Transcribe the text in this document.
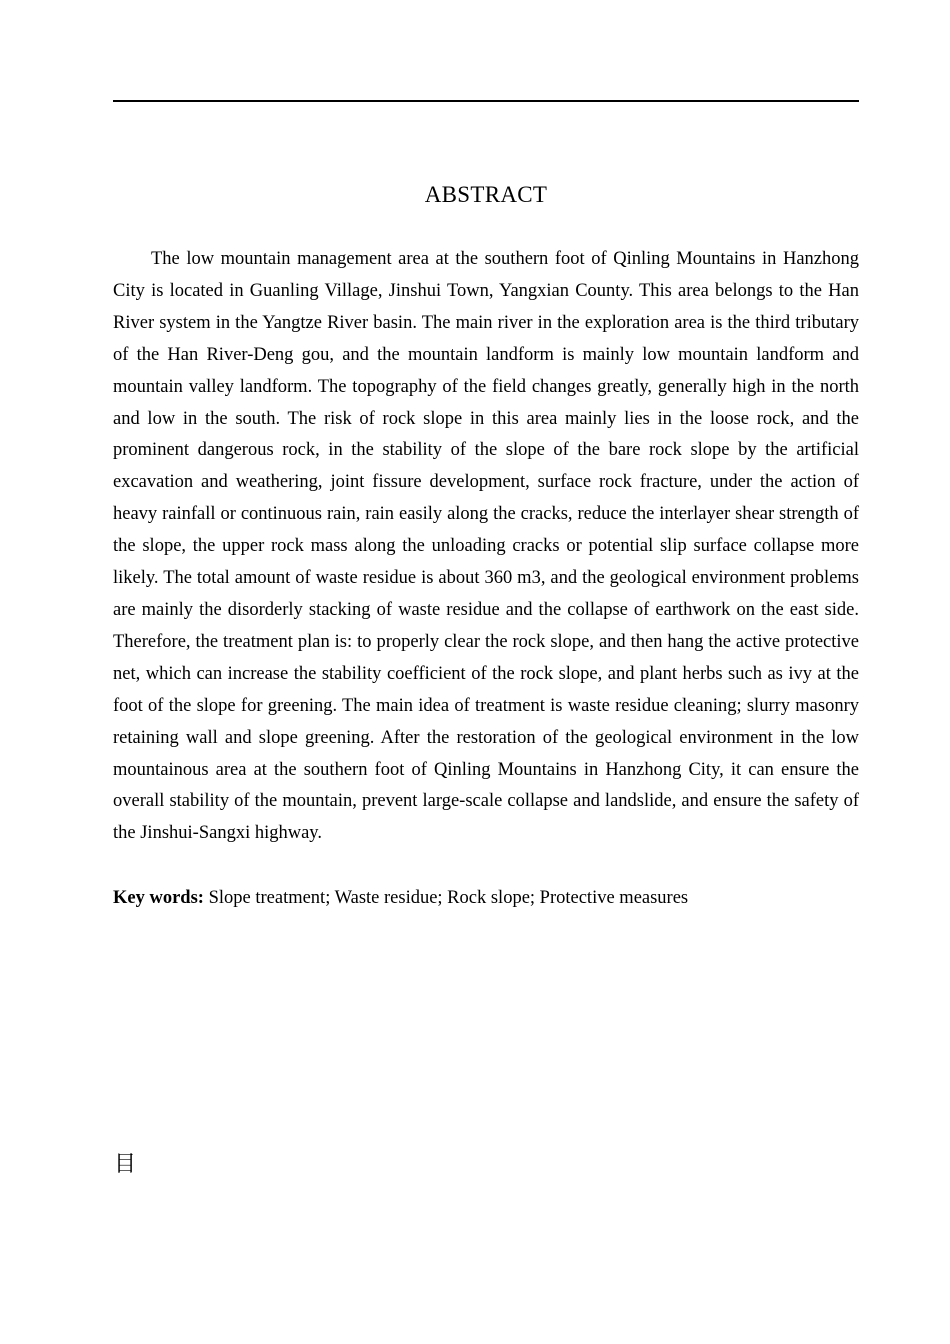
ABSTRACT

The low mountain management area at the southern foot of Qinling Mountains in Hanzhong City is located in Guanling Village, Jinshui Town, Yangxian County. This area belongs to the Han River system in the Yangtze River basin. The main river in the exploration area is the third tributary of the Han River-Deng gou, and the mountain landform is mainly low mountain landform and mountain valley landform. The topography of the field changes greatly, generally high in the north and low in the south. The risk of rock slope in this area mainly lies in the loose rock, and the prominent dangerous rock, in the stability of the slope of the bare rock slope by the artificial excavation and weathering, joint fissure development, surface rock fracture, under the action of heavy rainfall or continuous rain, rain easily along the cracks, reduce the interlayer shear strength of the slope, the upper rock mass along the unloading cracks or potential slip surface collapse more likely. The total amount of waste residue is about 360 m3, and the geological environment problems are mainly the disorderly stacking of waste residue and the collapse of earthwork on the east side. Therefore, the treatment plan is: to properly clear the rock slope, and then hang the active protective net, which can increase the stability coefficient of the rock slope, and plant herbs such as ivy at the foot of the slope for greening. The main idea of treatment is waste residue cleaning; slurry masonry retaining wall and slope greening. After the restoration of the geological environment in the low mountainous area at the southern foot of Qinling Mountains in Hanzhong City, it can ensure the overall stability of the mountain, prevent large-scale collapse and landslide, and ensure the safety of the Jinshui-Sangxi highway.

Key words: Slope treatment; Waste residue; Rock slope; Protective measures

目
